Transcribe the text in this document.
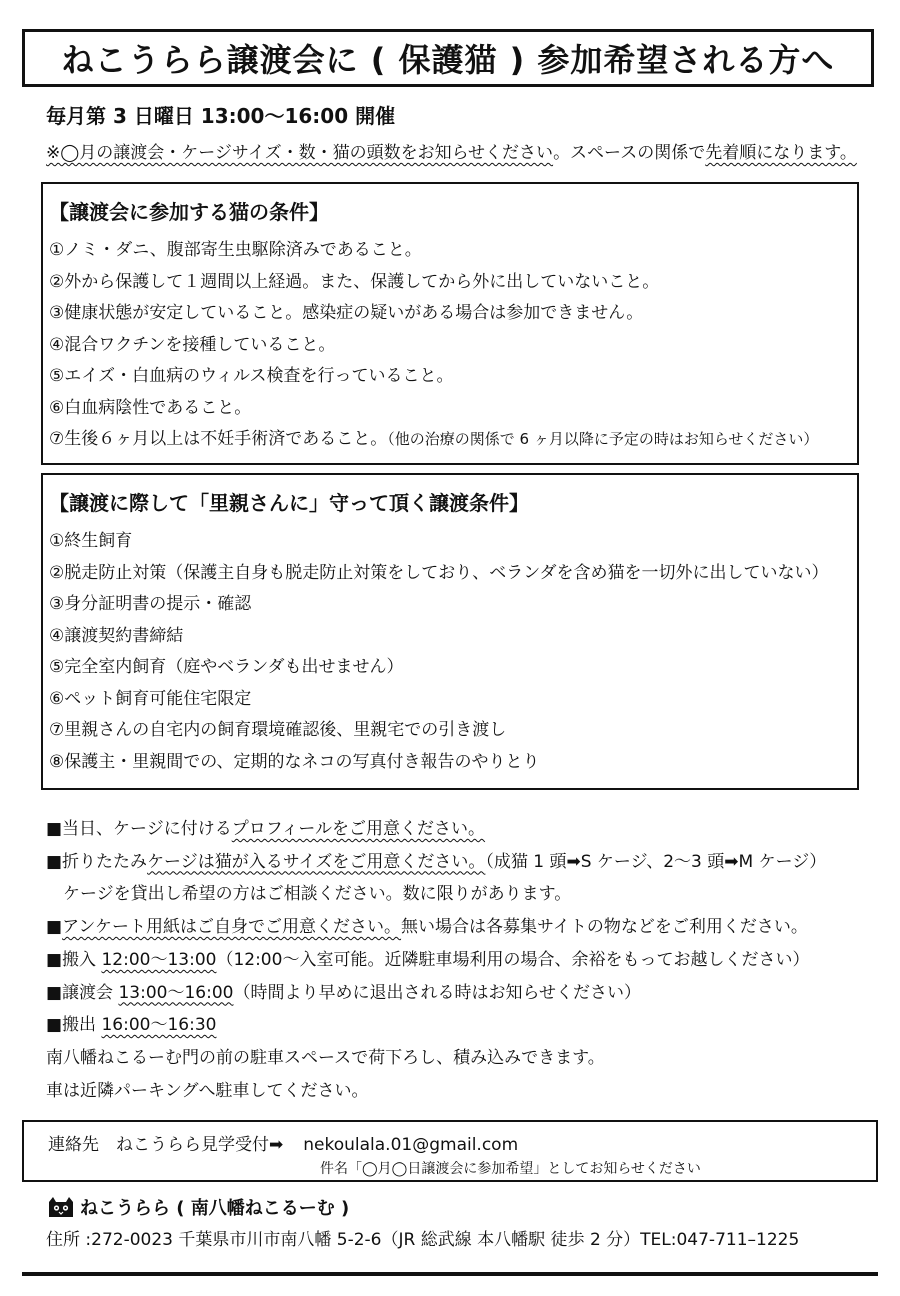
ねこうらら譲渡会に ( 保護猫 ) 参加希望される方へ
毎月第 3 日曜日 13:00〜16:00 開催
※◯月の譲渡会・ケージサイズ・数・猫の頭数をお知らせください。スペースの関係で先着順になります。
【譲渡会に参加する猫の条件】
①ノミ・ダニ、腹部寄生虫駆除済みであること。
②外から保護して１週間以上経過。また、保護してから外に出していないこと。
③健康状態が安定していること。感染症の疑いがある場合は参加できません。
④混合ワクチンを接種していること。
⑤エイズ・白血病のウィルス検査を行っていること。
⑥白血病陰性であること。
⑦生後６ヶ月以上は不妊手術済であること。（他の治療の関係で 6 ヶ月以降に予定の時はお知らせください）
【譲渡に際して「里親さんに」守って頂く譲渡条件】
①終生飼育
②脱走防止対策（保護主自身も脱走防止対策をしており、ベランダを含め猫を一切外に出していない）
③身分証明書の提示・確認
④譲渡契約書締結
⑤完全室内飼育（庭やベランダも出せません）
⑥ペット飼育可能住宅限定
⑦里親さんの自宅内の飼育環境確認後、里親宅での引き渡し
⑧保護主・里親間での、定期的なネコの写真付き報告のやりとり
■当日、ケージに付けるプロフィールをご用意ください。
■折りたたみケージは猫が入るサイズをご用意ください。（成猫 1 頭➡S ケージ、2〜3 頭➡M ケージ）
　ケージを貸出し希望の方はご相談ください。数に限りがあります。
■アンケート用紙はご自身でご用意ください。無い場合は各募集サイトの物などをご利用ください。
■搬入 12:00〜13:00（12:00〜入室可能。近隣駐車場利用の場合、余裕をもってお越しください）
■譲渡会 13:00〜16:00（時間より早めに退出される時はお知らせください）
■搬出 16:00〜16:30
南八幡ねこるーむ門の前の駐車スペースで荷下ろし、積み込みできます。
車は近隣パーキングへ駐車してください。
連絡先　ねこうらら見学受付➡ nekoulala.01@gmail.com
件名「◯月◯日譲渡会に参加希望」としてお知らせください
ねこうらら ( 南八幡ねこるーむ )
住所 :272-0023 千葉県市川市南八幡 5-2-6（JR 総武線 本八幡駅 徒歩 2 分）TEL:047-711–1225
